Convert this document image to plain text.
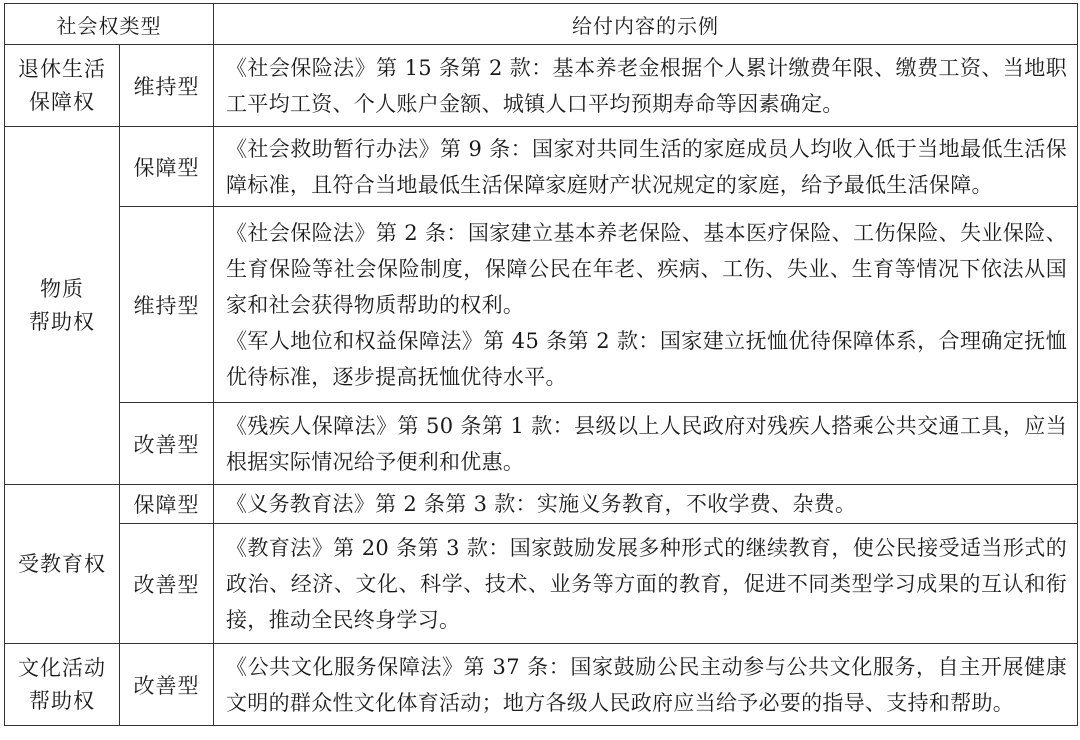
社会权类型		给付内容的示例

退休生活
保障权	维持型	《社会保险法》第 15 条第 2 款：基本养老金根据个人累计缴费年限、缴费工资、当地职工平均工资、个人账户金额、城镇人口平均预期寿命等因素确定。

物质
帮助权	保障型	《社会救助暂行办法》第 9 条：国家对共同生活的家庭成员人均收入低于当地最低生活保障标准，且符合当地最低生活保障家庭财产状况规定的家庭，给予最低生活保障。

	维持型	《社会保险法》第 2 条：国家建立基本养老保险、基本医疗保险、工伤保险、失业保险、生育保险等社会保险制度，保障公民在年老、疾病、工伤、失业、生育等情况下依法从国家和社会获得物质帮助的权利。
《军人地位和权益保障法》第 45 条第 2 款：国家建立抚恤优待保障体系，合理确定抚恤优待标准，逐步提高抚恤优待水平。

	改善型	《残疾人保障法》第 50 条第 1 款：县级以上人民政府对残疾人搭乘公共交通工具，应当根据实际情况给予便利和优惠。

受教育权	保障型	《义务教育法》第 2 条第 3 款：实施义务教育，不收学费、杂费。

	改善型	《教育法》第 20 条第 3 款：国家鼓励发展多种形式的继续教育，使公民接受适当形式的政治、经济、文化、科学、技术、业务等方面的教育，促进不同类型学习成果的互认和衔接，推动全民终身学习。

文化活动
帮助权	改善型	《公共文化服务保障法》第 37 条：国家鼓励公民主动参与公共文化服务，自主开展健康文明的群众性文化体育活动；地方各级人民政府应当给予必要的指导、支持和帮助。
